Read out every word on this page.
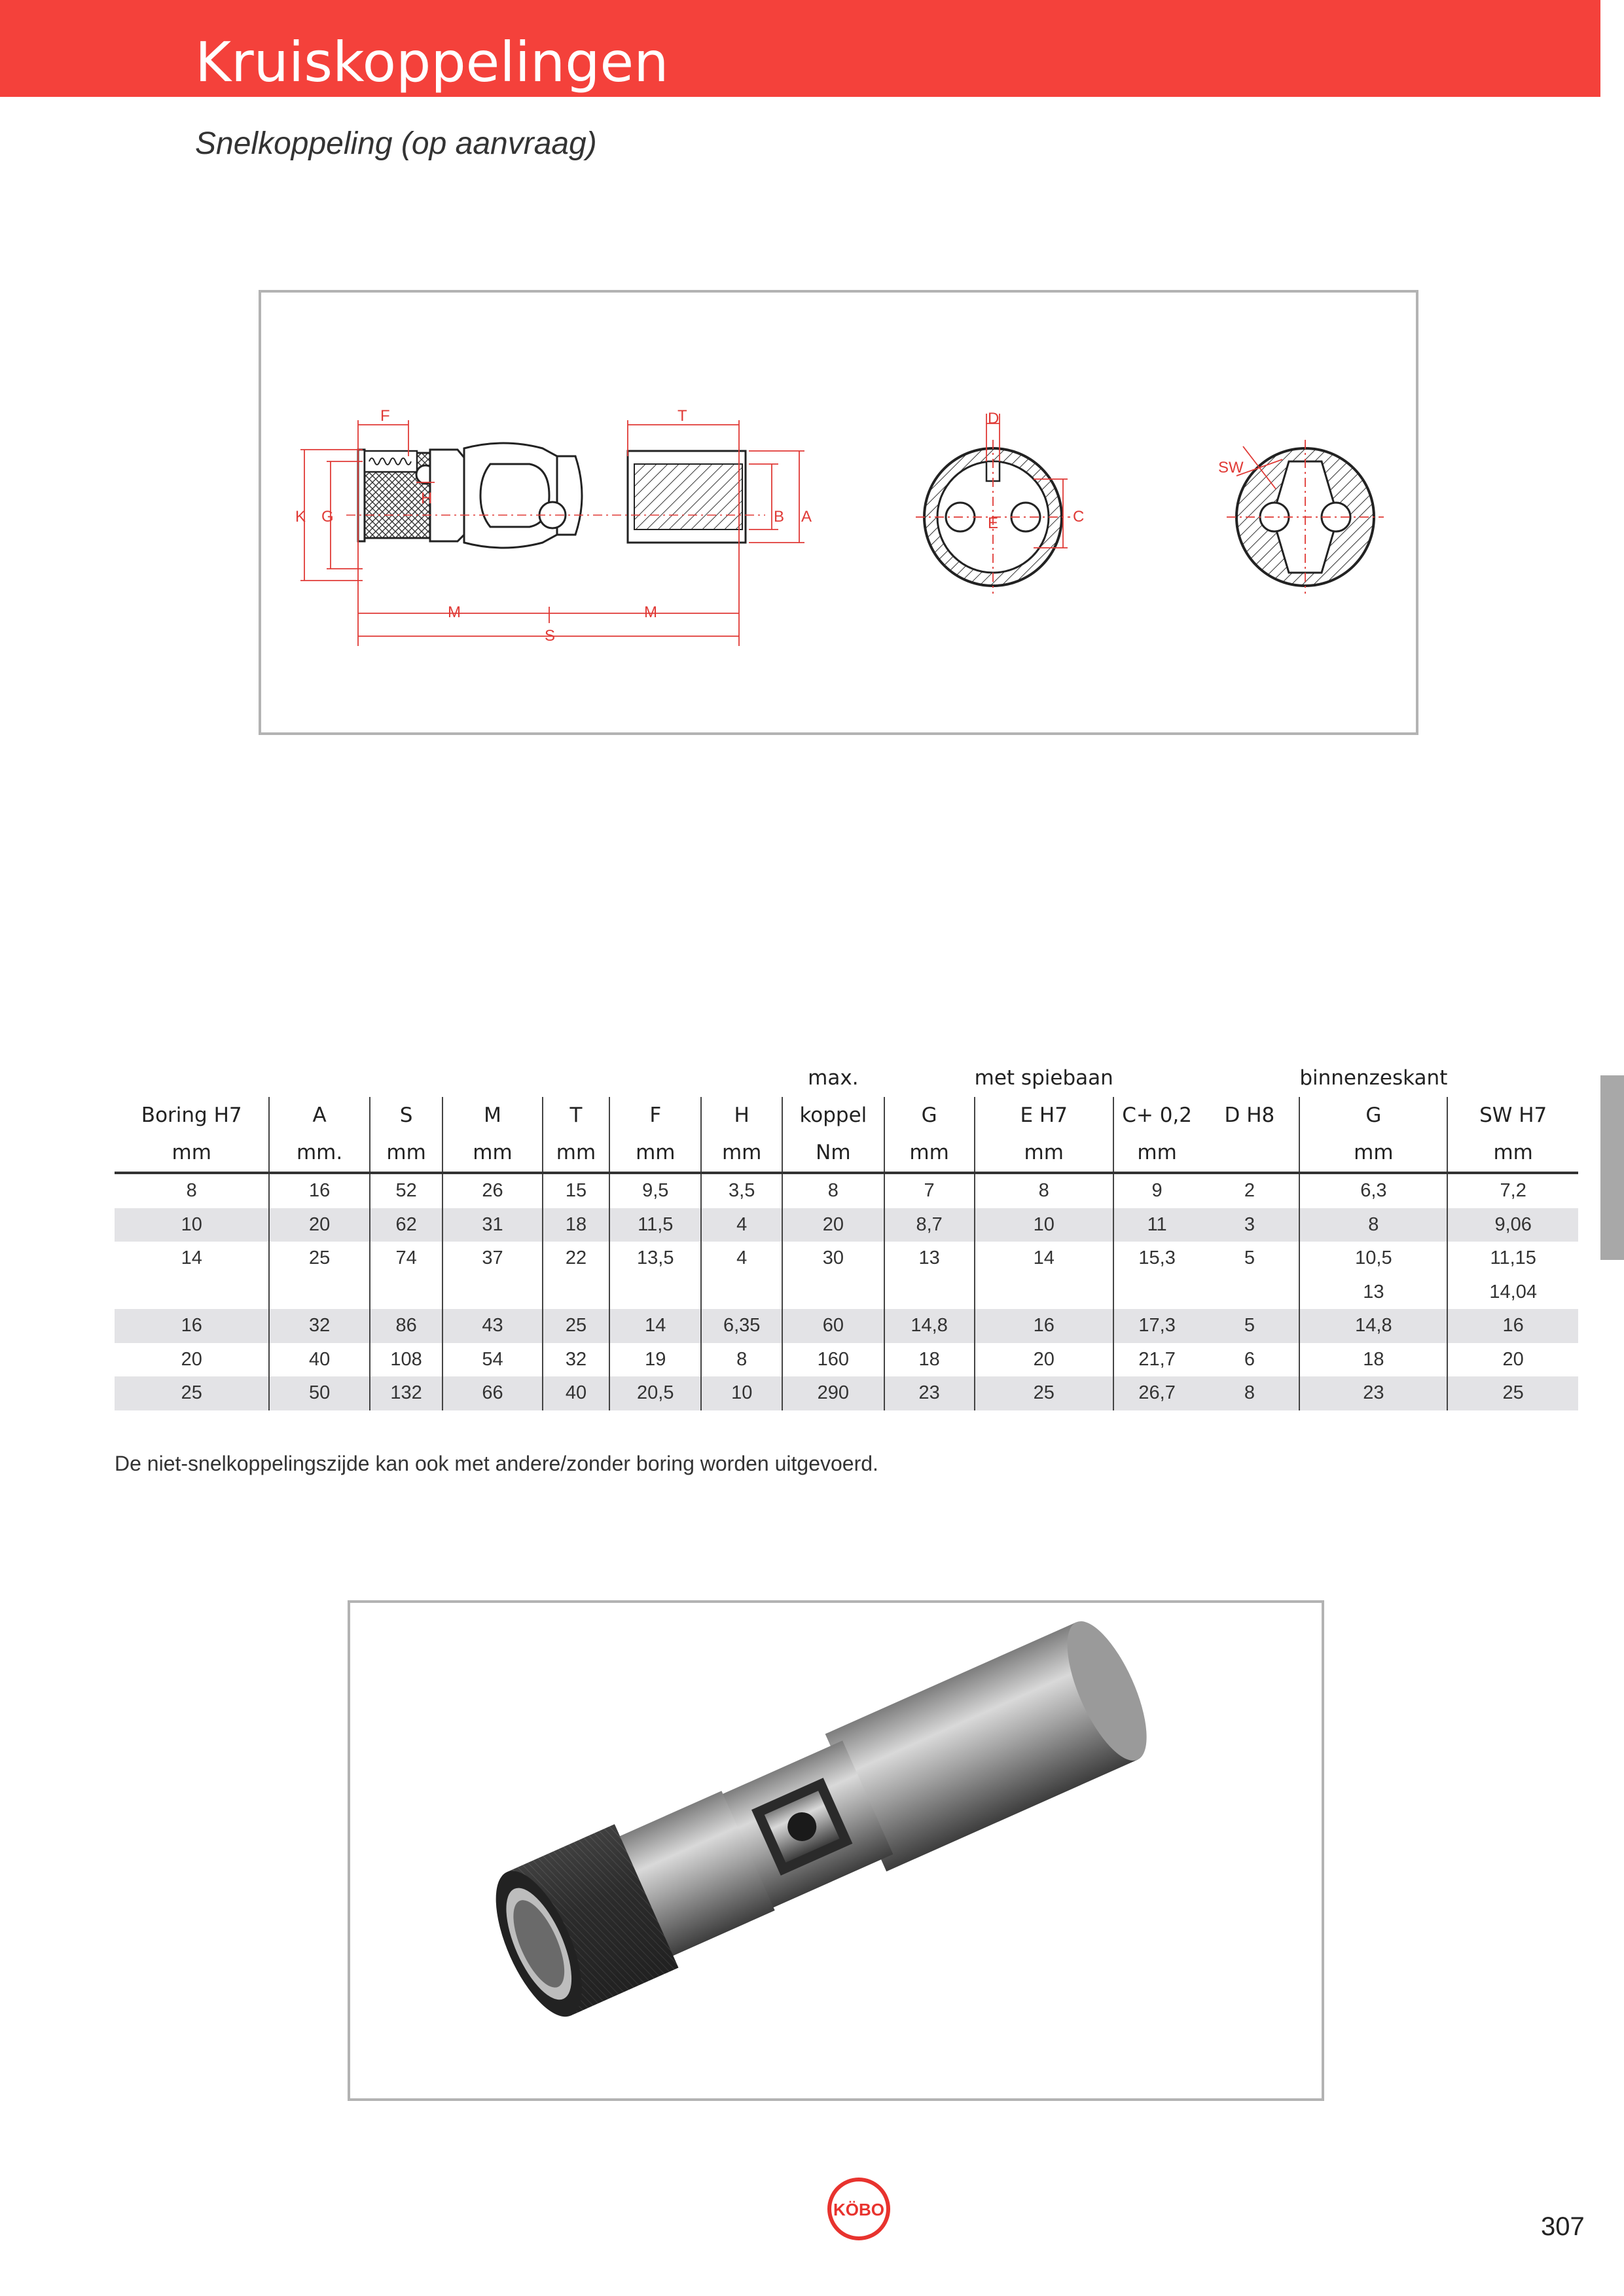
Kruiskoppelingen
Snelkoppeling (op aanvraag)
F	T
K G
H
B A
M	M
S
D
E	C
SW
							max.		met spiebaan			binnenzeskant	
Boring H7	A	S	M	T	F	H	koppel	G	E H7	C+ 0,2	D H8	G	SW H7
mm	mm.	mm	mm	mm	mm	mm	Nm	mm	mm	mm		mm	mm
8	16	52	26	15	9,5	3,5	8	7	8	9	2	6,3	7,2
10	20	62	31	18	11,5	4	20	8,7	10	11	3	8	9,06
14	25	74	37	22	13,5	4	30	13	14	15,3	5	10,5	11,15
												13	14,04
16	32	86	43	25	14	6,35	60	14,8	16	17,3	5	14,8	16
20	40	108	54	32	19	8	160	18	20	21,7	6	18	20
25	50	132	66	40	20,5	10	290	23	25	26,7	8	23	25
De niet-snelkoppelingszijde kan ook met andere/zonder boring worden uitgevoerd.
KÖBO
307
